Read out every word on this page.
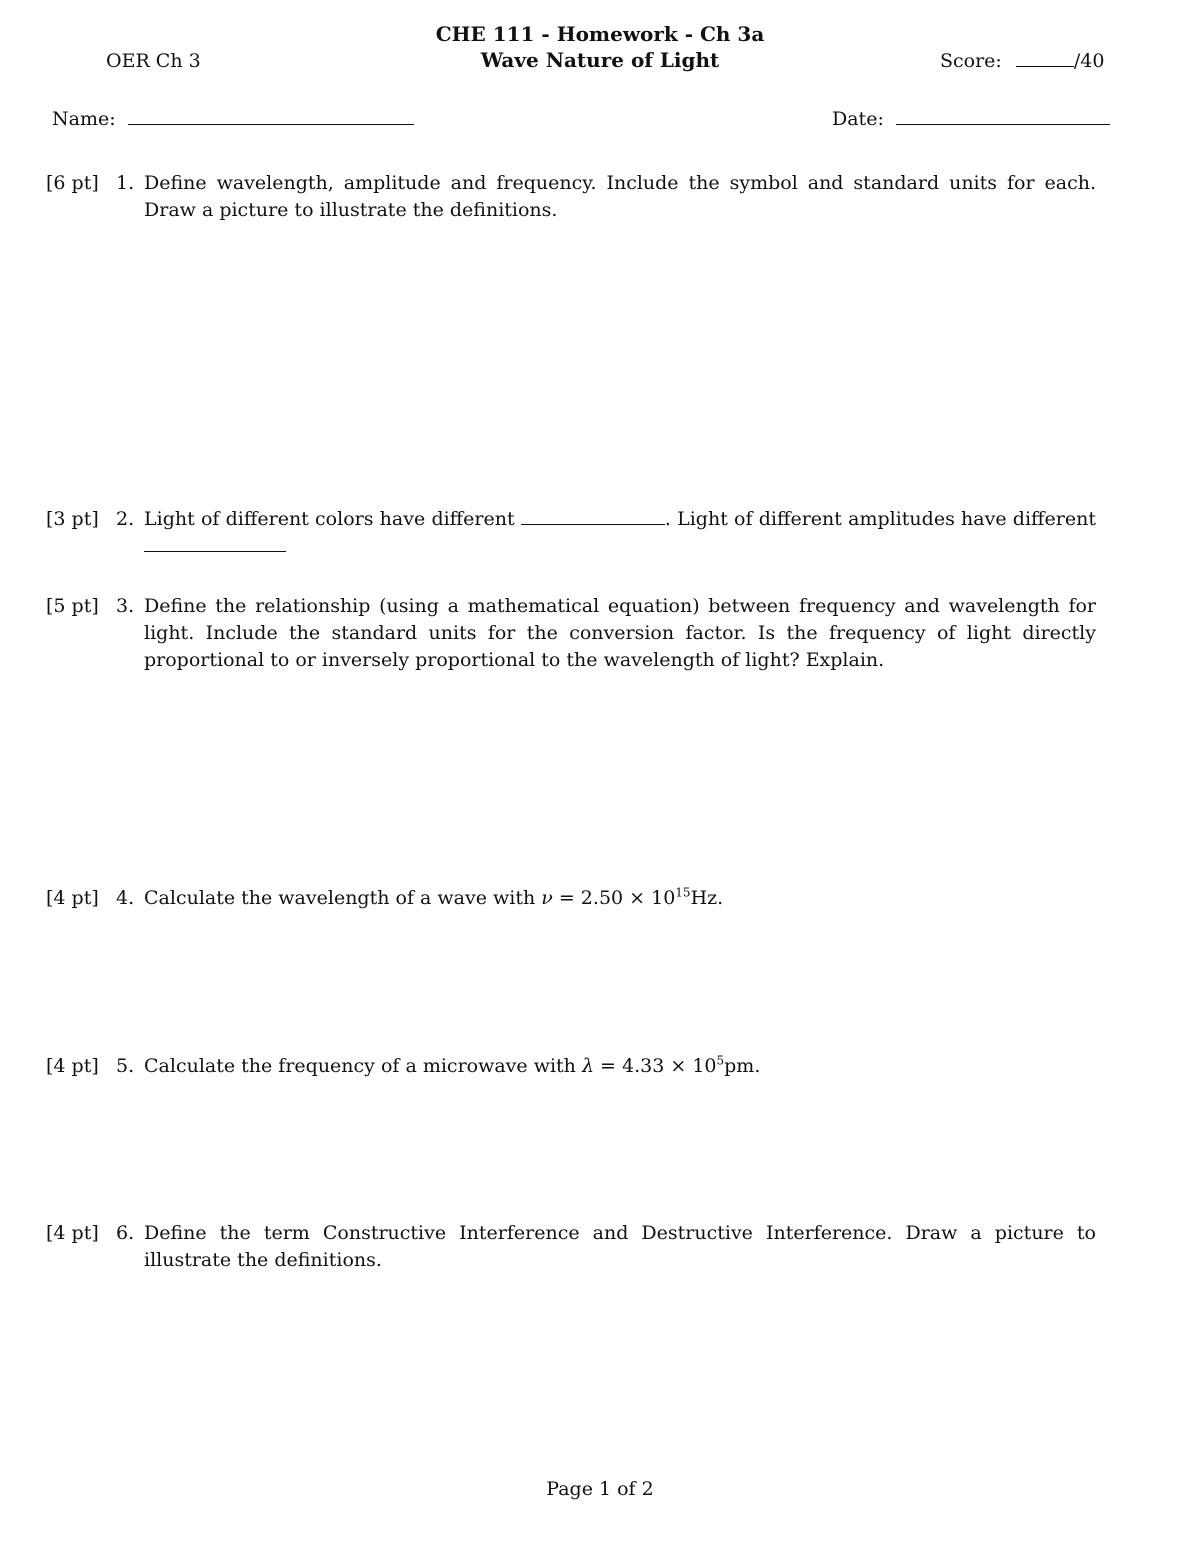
CHE 111 - Homework - Ch 3a
OER Ch 3	Wave Nature of Light	Score:	/40
Name:	Date:
[6 pt] 1. Define wavelength, amplitude and frequency. Include the symbol and standard units for each. Draw a picture to illustrate the definitions.
[3 pt] 2. Light of different colors have different	. Light of different amplitudes have different
[5 pt] 3. Define the relationship (using a mathematical equation) between frequency and wavelength for light. Include the standard units for the conversion factor. Is the frequency of light directly proportional to or inversely proportional to the wavelength of light? Explain.
[4 pt] 4. Calculate the wavelength of a wave with $\nu = 2.50 \times 10^{15}Hz$.
[4 pt] 5. Calculate the frequency of a microwave with $\lambda = 4.33 \times 10^5pm$.
[4 pt] 6. Define the term Constructive Interference and Destructive Interference. Draw a picture to illustrate the definitions.
Page 1 of 2
